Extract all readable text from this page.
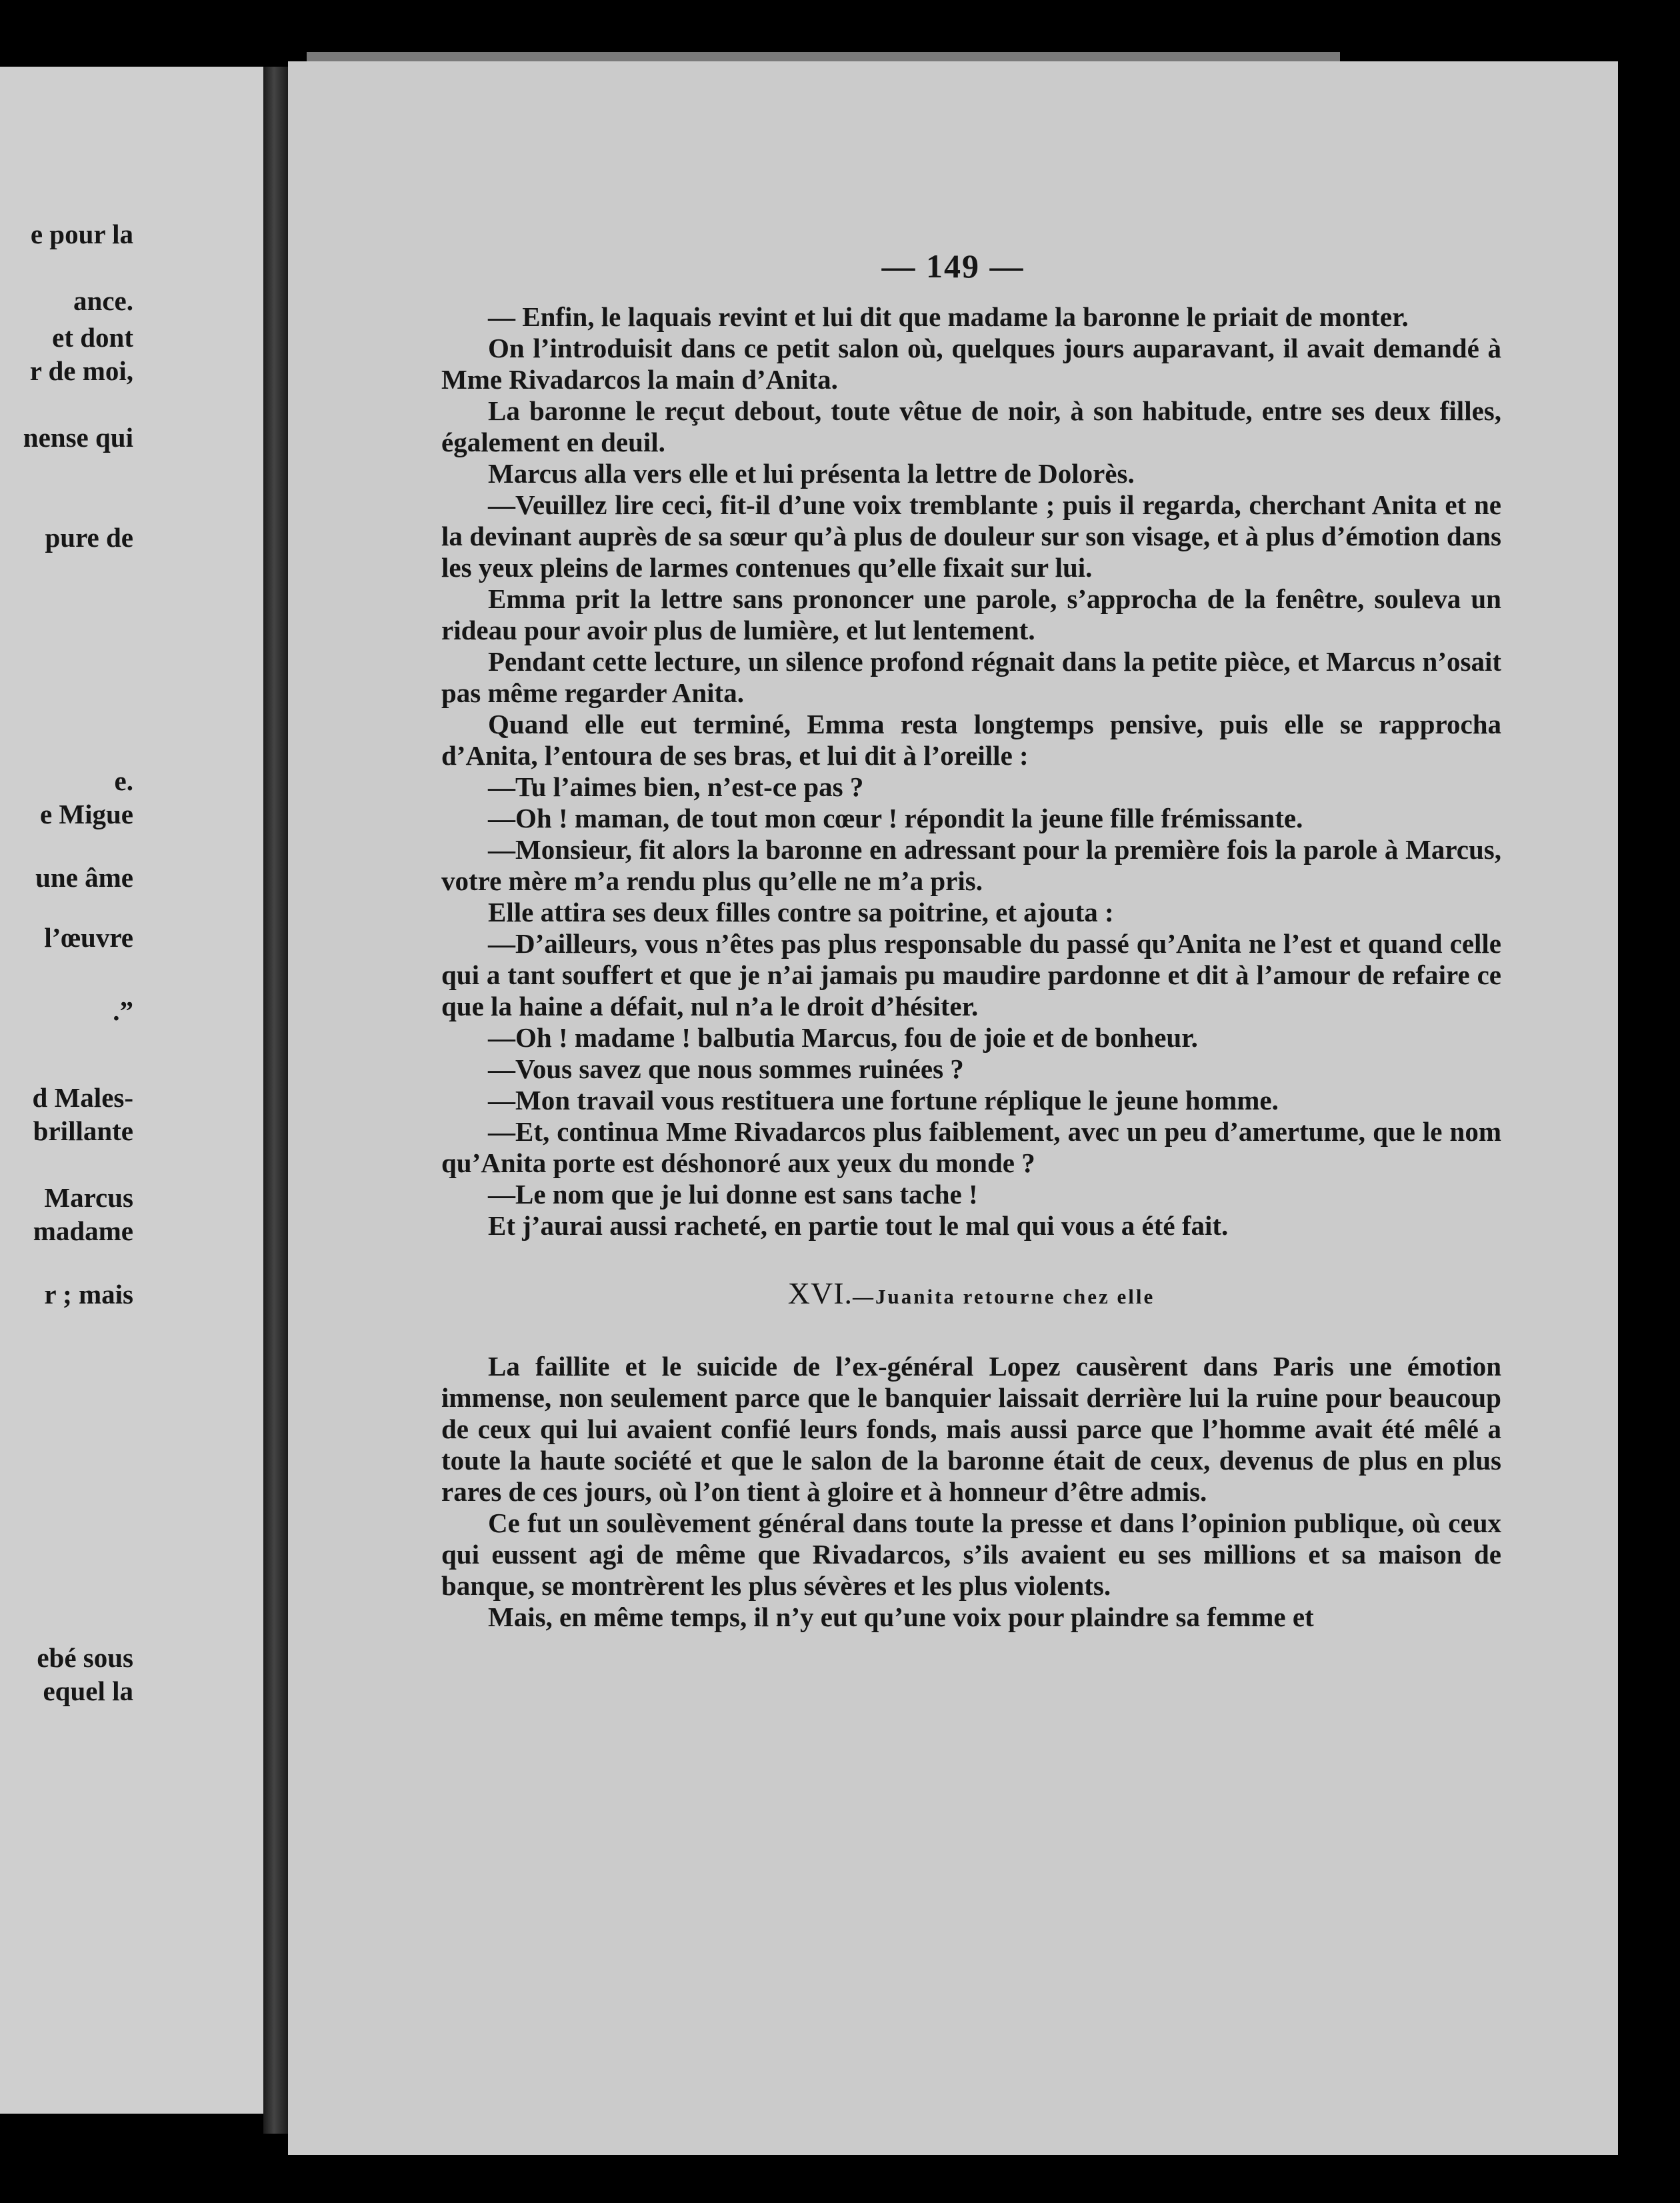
e pour la
ance.
et dont
r de moi,
nense qui
pure de
e.
e Migue
une âme
l’œuvre
.”
d Males-
brillante
Marcus
madame
r ; mais
ebé sous
equel la
— 149 —

— Enfin, le laquais revint et lui dit que madame la baronne le priait de monter.

On l’introduisit dans ce petit salon où, quelques jours auparavant, il avait demandé à Mme Rivadarcos la main d’Anita.

La baronne le reçut debout, toute vêtue de noir, à son habitude, entre ses deux filles, également en deuil.

Marcus alla vers elle et lui présenta la lettre de Dolorès.

—Veuillez lire ceci, fit-il d’une voix tremblante ; puis il regarda, cherchant Anita et ne la devinant auprès de sa sœur qu’à plus de douleur sur son visage, et à plus d’émotion dans les yeux pleins de larmes contenues qu’elle fixait sur lui.

Emma prit la lettre sans prononcer une parole, s’approcha de la fenêtre, souleva un rideau pour avoir plus de lumière, et lut lentement.

Pendant cette lecture, un silence profond régnait dans la petite pièce, et Marcus n’osait pas même regarder Anita.

Quand elle eut terminé, Emma resta longtemps pensive, puis elle se rapprocha d’Anita, l’entoura de ses bras, et lui dit à l’oreille :

—Tu l’aimes bien, n’est-ce pas ?

—Oh ! maman, de tout mon cœur ! répondit la jeune fille frémissante.

—Monsieur, fit alors la baronne en adressant pour la première fois la parole à Marcus, votre mère m’a rendu plus qu’elle ne m’a pris.

Elle attira ses deux filles contre sa poitrine, et ajouta :

—D’ailleurs, vous n’êtes pas plus responsable du passé qu’Anita ne l’est et quand celle qui a tant souffert et que je n’ai jamais pu maudire pardonne et dit à l’amour de refaire ce que la haine a défait, nul n’a le droit d’hésiter.

—Oh ! madame ! balbutia Marcus, fou de joie et de bonheur.

—Vous savez que nous sommes ruinées ?

—Mon travail vous restituera une fortune réplique le jeune homme.

—Et, continua Mme Rivadarcos plus faiblement, avec un peu d’amertume, que le nom qu’Anita porte est déshonoré aux yeux du monde ?

—Le nom que je lui donne est sans tache !

Et j’aurai aussi racheté, en partie tout le mal qui vous a été fait.

XVI.—Juanita retourne chez elle

La faillite et le suicide de l’ex-général Lopez causèrent dans Paris une émotion immense, non seulement parce que le banquier laissait derrière lui la ruine pour beaucoup de ceux qui lui avaient confié leurs fonds, mais aussi parce que l’homme avait été mêlé a toute la haute société et que le salon de la baronne était de ceux, devenus de plus en plus rares de ces jours, où l’on tient à gloire et à honneur d’être admis.

Ce fut un soulèvement général dans toute la presse et dans l’opinion publique, où ceux qui eussent agi de même que Rivadarcos, s’ils avaient eu ses millions et sa maison de banque, se montrèrent les plus sévères et les plus violents.

Mais, en même temps, il n’y eut qu’une voix pour plaindre sa femme et
